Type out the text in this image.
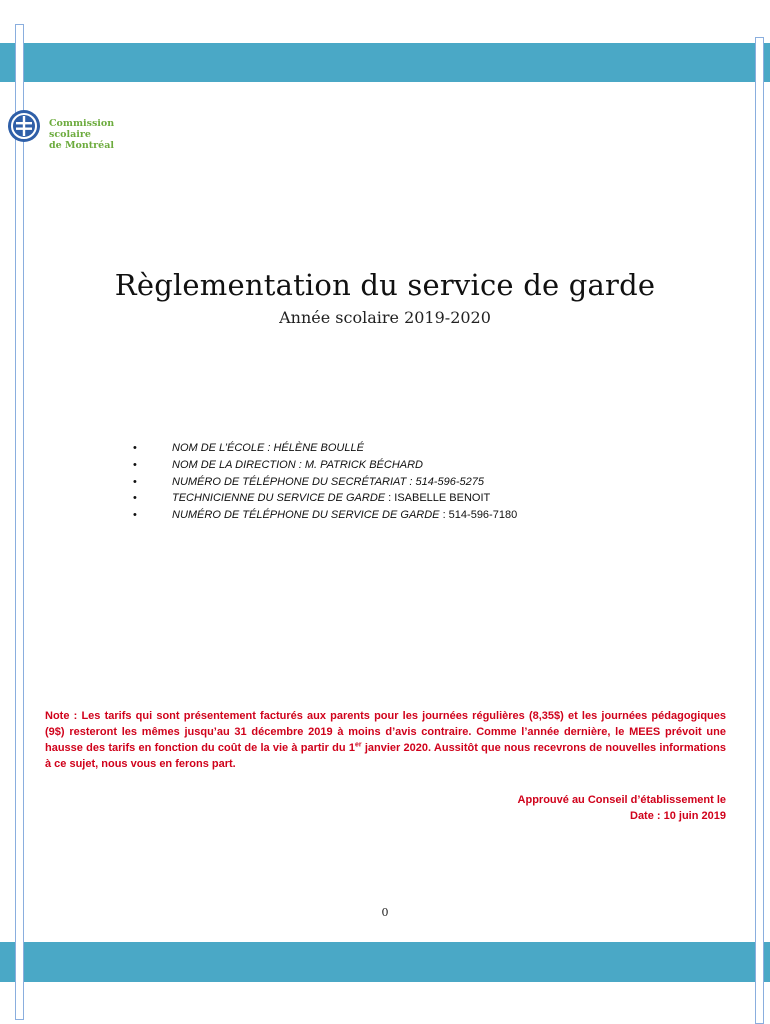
Commission
scolaire
de Montréal
Règlementation du service de garde
Année scolaire 2019-2020
• NOM DE L’ÉCOLE : HÉLÈNE BOULLÉ
• NOM DE LA DIRECTION : M. PATRICK BÉCHARD
• NUMÉRO DE TÉLÉPHONE DU SECRÉTARIAT : 514-596-5275
• TECHNICIENNE DU SERVICE DE GARDE : ISABELLE BENOIT
• NUMÉRO DE TÉLÉPHONE DU SERVICE DE GARDE : 514-596-7180
Note : Les tarifs qui sont présentement facturés aux parents pour les journées régulières (8,35$) et les journées pédagogiques (9$) resteront les mêmes jusqu’au 31 décembre 2019 à moins d’avis contraire. Comme l’année dernière, le MEES prévoit une hausse des tarifs en fonction du coût de la vie à partir du 1er janvier 2020. Aussitôt que nous recevrons de nouvelles informations à ce sujet, nous vous en ferons part.
Approuvé au Conseil d’établissement le
Date : 10 juin 2019
0
